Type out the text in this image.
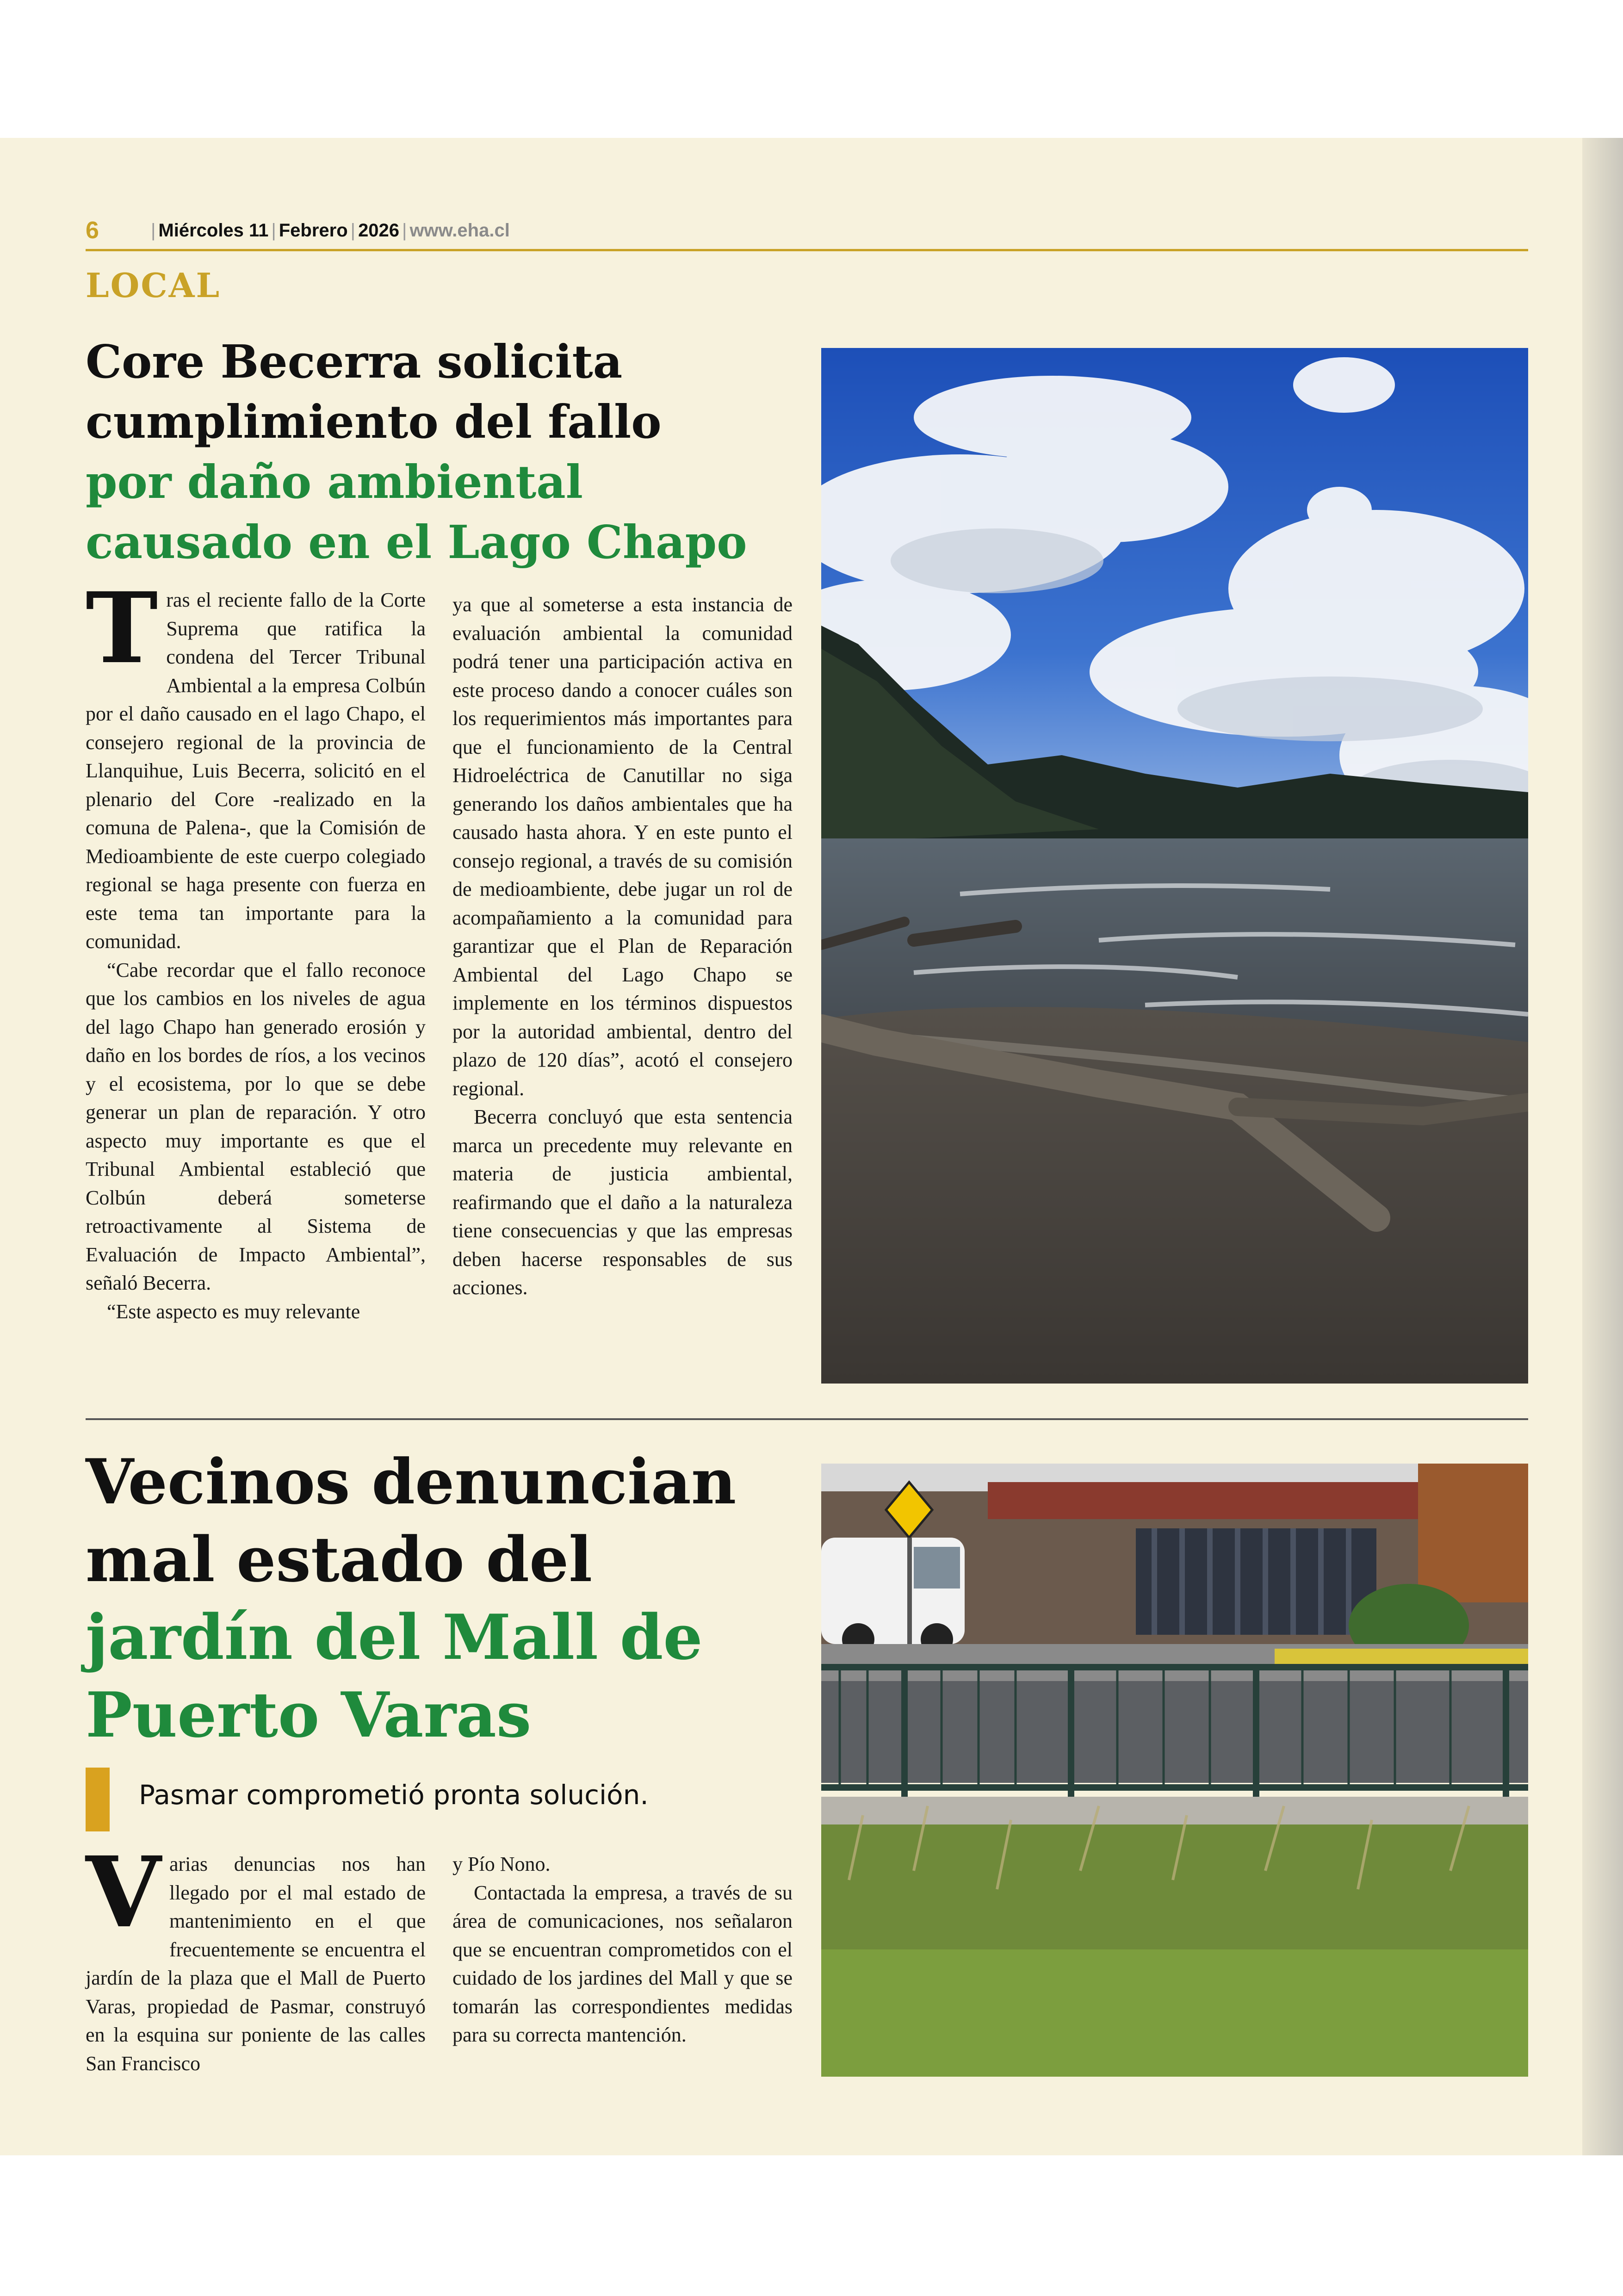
6	| Miércoles 11 | Febrero | 2026 | www.eha.cl
LOCAL
Core Becerra solicita
cumplimiento del fallo
por daño ambiental
causado en el Lago Chapo
T ras el reciente fallo de la Corte Suprema que ratifica la condena del Tercer Tribunal Ambiental a la empresa Colbún por el daño causado en el lago Chapo, el consejero regional de la provincia de Llanquihue, Luis Becerra, solicitó en el plenario del Core -realizado en la comuna de Palena-, que la Comisión de Medioambiente de este cuerpo colegiado regional se haga presente con fuerza en este tema tan importante para la comunidad.

“Cabe recordar que el fallo reconoce que los cambios en los niveles de agua del lago Chapo han generado erosión y daño en los bordes de ríos, a los vecinos y el ecosistema, por lo que se debe generar un plan de reparación. Y otro aspecto muy importante es que el Tribunal Ambiental estableció que Colbún deberá someterse retroactivamente al Sistema de Evaluación de Impacto Ambiental”, señaló Becerra.

“Este aspecto es muy relevante

ya que al someterse a esta instancia de evaluación ambiental la comunidad podrá tener una participación activa en este proceso dando a conocer cuáles son los requerimientos más importantes para que el funcionamiento de la Central Hidroeléctrica de Canutillar no siga generando los daños ambientales que ha causado hasta ahora. Y en este punto el consejo regional, a través de su comisión de medioambiente, debe jugar un rol de acompañamiento a la comunidad para garantizar que el Plan de Reparación Ambiental del Lago Chapo se implemente en los términos dispuestos por la autoridad ambiental, dentro del plazo de 120 días”, acotó el consejero regional.

Becerra concluyó que esta sentencia marca un precedente muy relevante en materia de justicia ambiental, reafirmando que el daño a la naturaleza tiene consecuencias y que las empresas deben hacerse responsables de sus acciones.

Vecinos denuncian
mal estado del
jardín del Mall de
Puerto Varas

Pasmar comprometió pronta solución.

V arias denuncias nos han llegado por el mal estado de mantenimiento en el que frecuentemente se encuentra el jardín de la plaza que el Mall de Puerto Varas, propiedad de Pasmar, construyó en la esquina sur poniente de las calles San Francisco

y Pío Nono.

Contactada la empresa, a través de su área de comunicaciones, nos señalaron que se encuentran comprometidos con el cuidado de los jardines del Mall y que se tomarán las correspondientes medidas para su correcta mantención.
